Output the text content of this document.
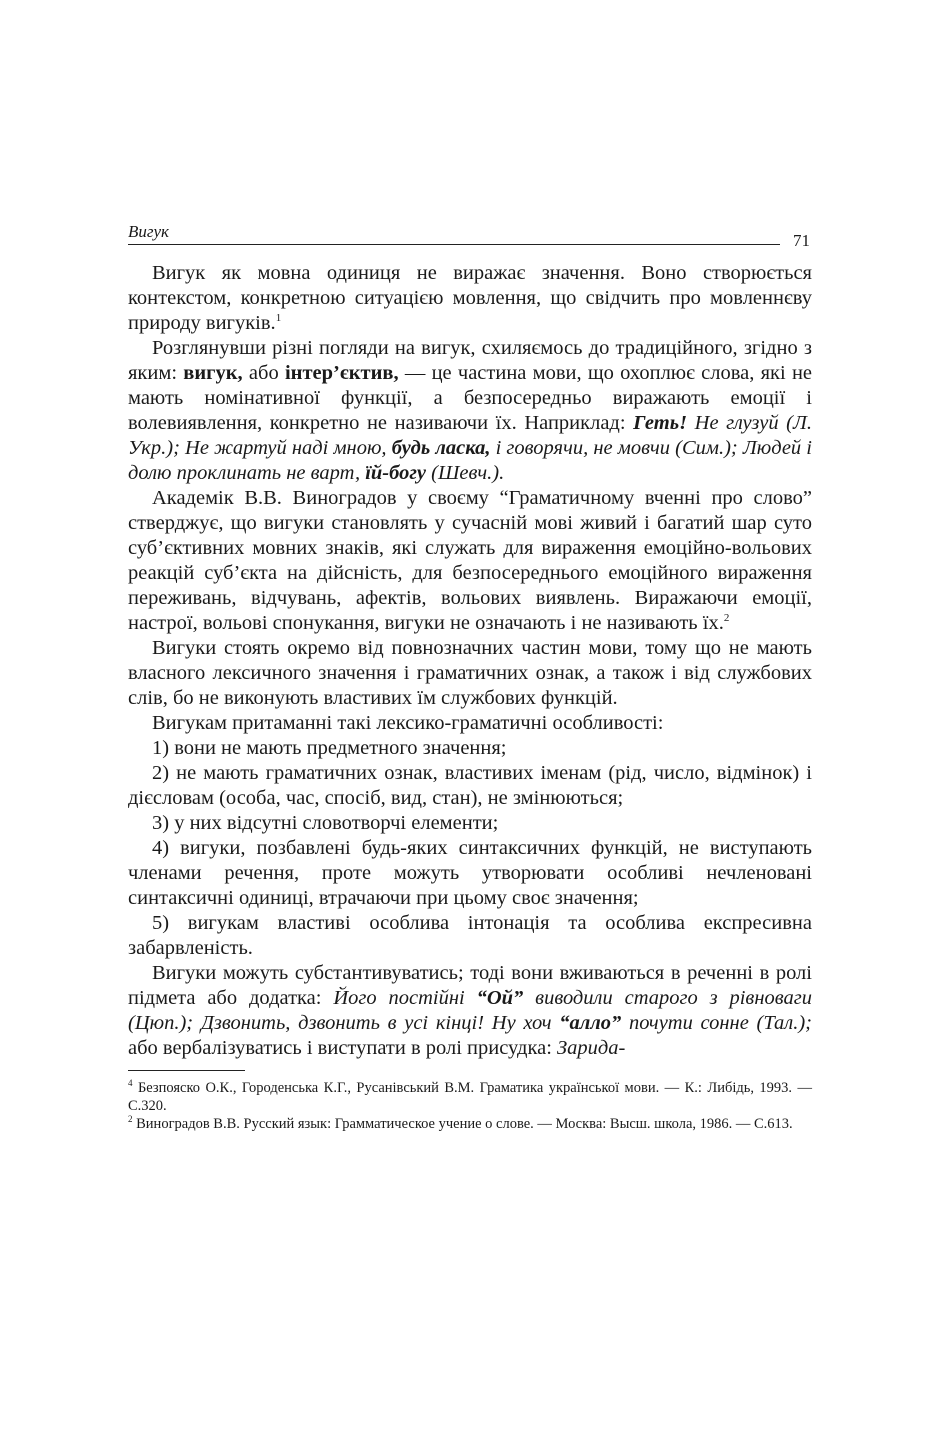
Вигук	71

Вигук як мовна одиниця не виражає значення. Воно створюється контекстом, конкретною ситуацією мовлення, що свідчить про мовленнєву природу вигуків.$^1$

Розглянувши різні погляди на вигук, схиляємось до традиційного, згідно з яким: вигук, або інтер’єктив, — це частина мови, що охоплює слова, які не мають номінативної функції, а безпосередньо виражають емоції і волевиявлення, конкретно не називаючи їх. Наприклад: Геть! Не глузуй (Л. Укр.); Не жартуй наді мною, будь ласка, і говорячи, не мовчи (Сим.); Людей і долю проклинать не варт, їй-богу (Шевч.).

Академік В.В. Виноградов у своєму “Граматичному вченні про слово” стверджує, що вигуки становлять у сучасній мові живий і багатий шар суто суб’єктивних мовних знаків, які служать для вираження емоційно-вольових реакцій суб’єкта на дійсність, для безпосереднього емоційного вираження переживань, відчувань, афектів, вольових виявлень. Виражаючи емоції, настрої, вольові спонукання, вигуки не означають і не називають їх.$^2$

Вигуки стоять окремо від повнозначних частин мови, тому що не мають власного лексичного значення і граматичних ознак, а також і від службових слів, бо не виконують властивих їм службових функцій.

Вигукам притаманні такі лексико-граматичні особливості:

1) вони не мають предметного значення;

2) не мають граматичних ознак, властивих іменам (рід, число, відмінок) і дієсловам (особа, час, спосіб, вид, стан), не змінюються;

3) у них відсутні словотворчі елементи;

4) вигуки, позбавлені будь-яких синтаксичних функцій, не виступають членами речення, проте можуть утворювати особливі нечленовані синтаксичні одиниці, втрачаючи при цьому своє значення;

5) вигукам властиві особлива інтонація та особлива експресивна забарвленість.

Вигуки можуть субстантивуватись; тоді вони вживаються в реченні в ролі підмета або додатка: Його постійні “Ой” виводили старого з рівноваги (Цюп.); Дзвонить, дзвонить в усі кінці! Ну хоч “алло” почути сонне (Тал.); або вербалізуватись і виступати в ролі присудка: Зарида-

$^4$ Безпояско О.К., Городенська К.Г., Русанівський В.М. Граматика української мови. — К.: Либідь, 1993. —С.320.

$^2$ Виноградов В.В. Русский язык: Грамматическое учение о слове. — Москва: Высш. школа, 1986. — С.613.
